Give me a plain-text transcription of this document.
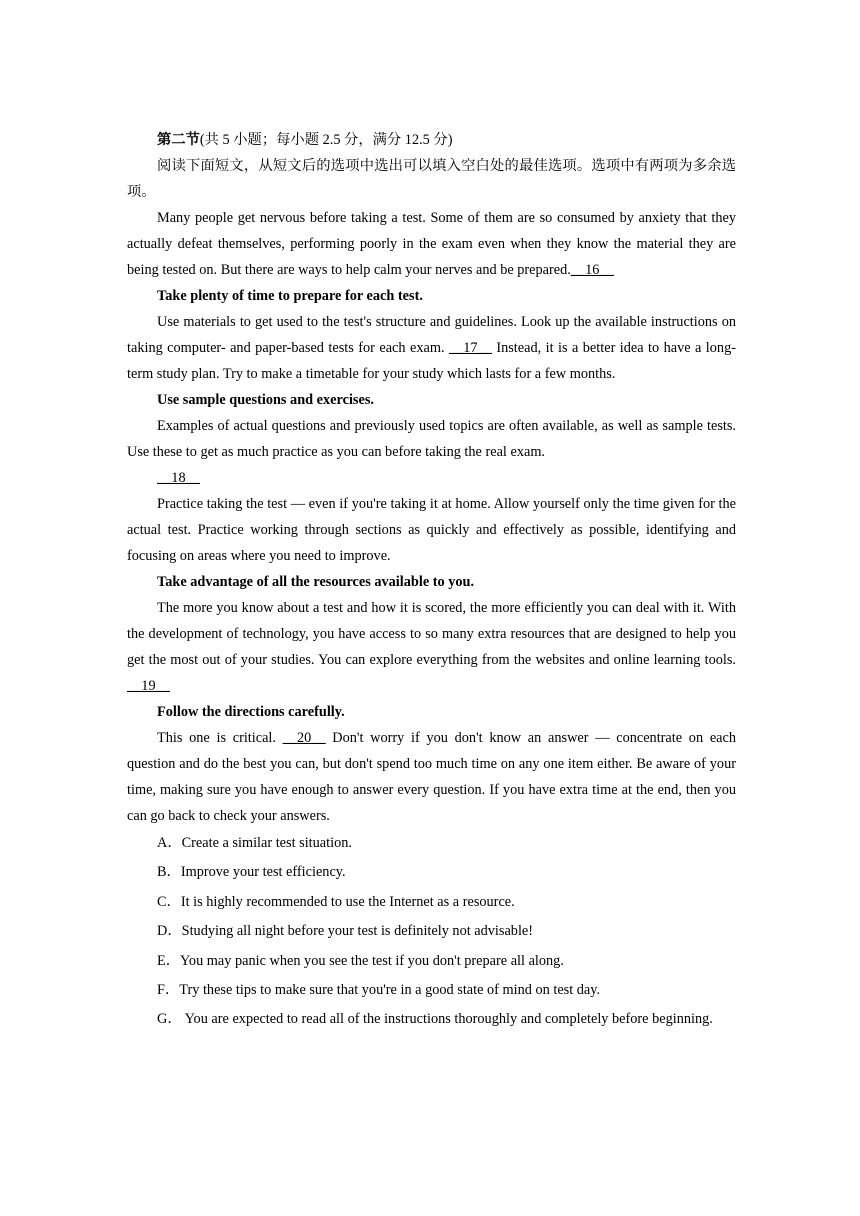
第二节(共 5 小题；每小题 2.5 分，满分 12.5 分)

阅读下面短文，从短文后的选项中选出可以填入空白处的最佳选项。选项中有两项为多余选项。

Many people get nervous before taking a test. Some of them are so consumed by anxiety that they actually defeat themselves, performing poorly in the exam even when they know the material they are being tested on. But there are ways to help calm your nerves and be prepared.__16__

Take plenty of time to prepare for each test.

Use materials to get used to the test's structure and guidelines. Look up the available instructions on taking computer- and paper-based tests for each exam. __17__ Instead, it is a better idea to have a long-term study plan. Try to make a timetable for your study which lasts for a few months.

Use sample questions and exercises.

Examples of actual questions and previously used topics are often available, as well as sample tests. Use these to get as much practice as you can before taking the real exam.

__18__

Practice taking the test — even if you're taking it at home. Allow yourself only the time given for the actual test. Practice working through sections as quickly and effectively as possible, identifying and focusing on areas where you need to improve.

Take advantage of all the resources available to you.

The more you know about a test and how it is scored, the more efficiently you can deal with it. With the development of technology, you have access to so many extra resources that are designed to help you get the most out of your studies. You can explore everything from the websites and online learning tools. __19__

Follow the directions carefully.

This one is critical. __20__ Don't worry if you don't know an answer — concentrate on each question and do the best you can, but don't spend too much time on any one item either. Be aware of your time, making sure you have enough to answer every question. If you have extra time at the end, then you can go back to check your answers.

A．Create a similar test situation.

B．Improve your test efficiency.

C．It is highly recommended to use the Internet as a resource.

D．Studying all night before your test is definitely not advisable!

E．You may panic when you see the test if you don't prepare all along.

F．Try these tips to make sure that you're in a good state of mind on test day.

G． You are expected to read all of the instructions thoroughly and completely before beginning.
